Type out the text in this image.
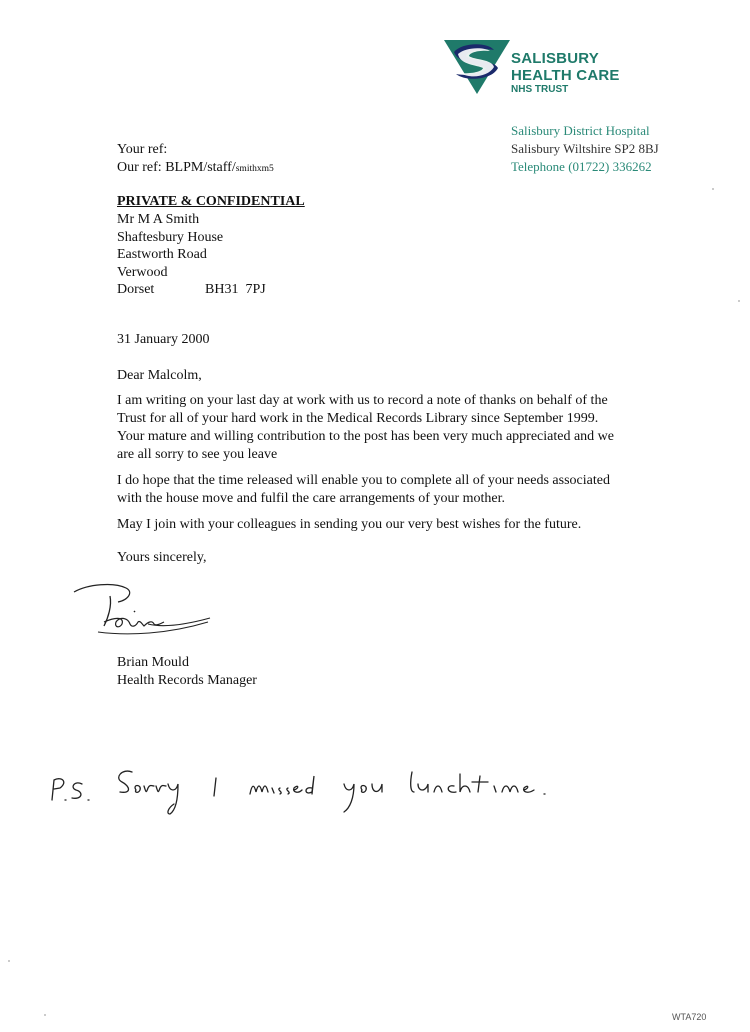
SALISBURY
HEALTH CARE
NHS TRUST
Salisbury District Hospital
Salisbury Wiltshire SP2 8BJ
Telephone (01722) 336262
Your ref:
Our ref: BLPM/staff/smithxm5
PRIVATE & CONFIDENTIAL
Mr M A Smith
Shaftesbury House
Eastworth Road
Verwood
Dorset	BH31  7PJ
31 January 2000
Dear Malcolm,

I am writing on your last day at work with us to record a note of thanks on behalf of the Trust for all of your hard work in the Medical Records Library since September 1999. Your mature and willing contribution to the post has been very much appreciated and we are all sorry to see you leave

I do hope that the time released will enable you to complete all of your needs associated with the house move and fulfil the care arrangements of your mother.

May I join with your colleagues in sending you our very best wishes for the future.

Yours sincerely,
Brian Mould
Health Records Manager
WTA720
